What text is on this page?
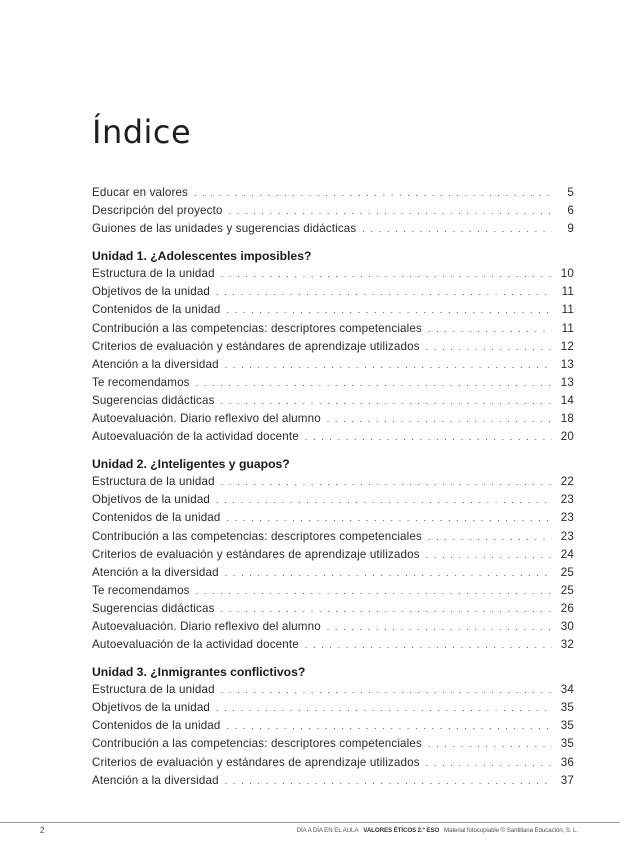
Índice
Educar en valores . . .	5
Descripción del proyecto . . .	6
Guiones de las unidades y sugerencias didácticas . . .	9
Unidad 1. ¿Adolescentes imposibles?
Estructura de la unidad . . .	10
Objetivos de la unidad . . .	11
Contenidos de la unidad . . .	11
Contribución a las competencias: descriptores competenciales . . .	11
Criterios de evaluación y estándares de aprendizaje utilizados . . .	12
Atención a la diversidad . . .	13
Te recomendamos . . .	13
Sugerencias didácticas . . .	14
Autoevaluación. Diario reflexivo del alumno . . .	18
Autoevaluación de la actividad docente . . .	20
Unidad 2. ¿Inteligentes y guapos?
Estructura de la unidad . . .	22
Objetivos de la unidad . . .	23
Contenidos de la unidad . . .	23
Contribución a las competencias: descriptores competenciales . . .	23
Criterios de evaluación y estándares de aprendizaje utilizados . . .	24
Atención a la diversidad . . .	25
Te recomendamos . . .	25
Sugerencias didácticas . . .	26
Autoevaluación. Diario reflexivo del alumno . . .	30
Autoevaluación de la actividad docente . . .	32
Unidad 3. ¿Inmigrantes conflictivos?
Estructura de la unidad . . .	34
Objetivos de la unidad . . .	35
Contenidos de la unidad . . .	35
Contribución a las competencias: descriptores competenciales . . .	35
Criterios de evaluación y estándares de aprendizaje utilizados . . .	36
Atención a la diversidad . . .	37
2	DÍA A DÍA EN EL AULA VALORES ÉTICOS 2.º ESO Material fotocopiable © Santillana Educación, S. L.
